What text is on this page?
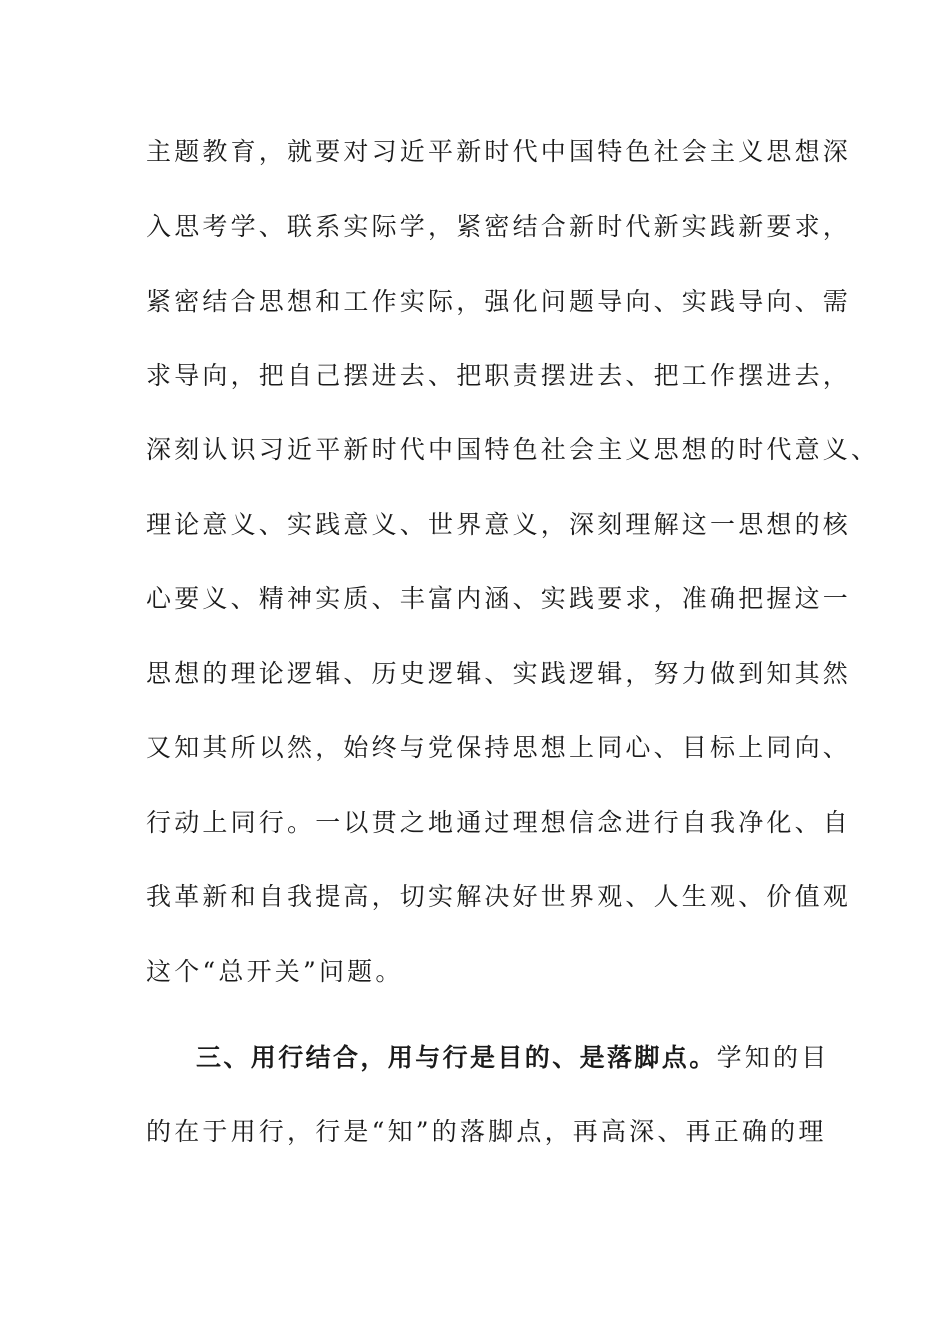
主题教育，就要对习近平新时代中国特色社会主义思想深
入思考学、联系实际学，紧密结合新时代新实践新要求，
紧密结合思想和工作实际，强化问题导向、实践导向、需
求导向，把自己摆进去、把职责摆进去、把工作摆进去，
深刻认识习近平新时代中国特色社会主义思想的时代意义、
理论意义、实践意义、世界意义，深刻理解这一思想的核
心要义、精神实质、丰富内涵、实践要求，准确把握这一
思想的理论逻辑、历史逻辑、实践逻辑，努力做到知其然
又知其所以然，始终与党保持思想上同心、目标上同向、
行动上同行。一以贯之地通过理想信念进行自我净化、自
我革新和自我提高，切实解决好世界观、人生观、价值观
这个“总开关”问题。
三、用行结合，用与行是目的、是落脚点。学知的目
的在于用行，行是“知”的落脚点，再高深、再正确的理
